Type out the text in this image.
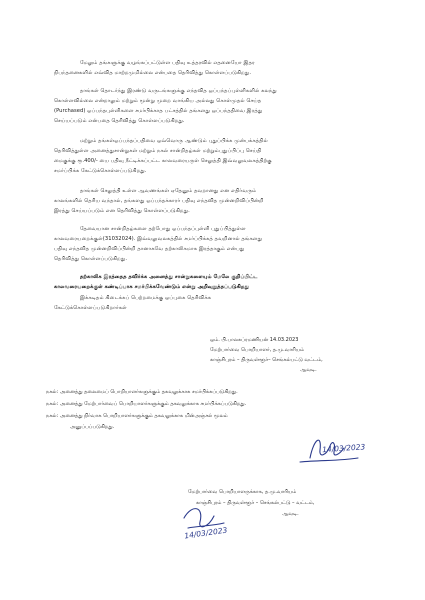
மேலும் தங்களுக்கு வழங்கப்பட்டுள்ள பதிவு உத்தரவில் எதனையோ இதர
நிபந்தனைகளில் எவ்வித மாற்றமுமில்லை என்பதை தெரிவித்து கொள்ளப்படுகிறது.
தாங்கள் தொடர்ந்து இரண்டு வருடங்களுக்கு எந்தவித ஒப்பந்தப்புள்ளிகளில் கலந்து
கொள்ளவில்லை என்றாலும் மற்றும் மூன்று முறை வாங்கிய அல்லது கொள்முதல் செய்த
(Purchased) ஒப்பந்தபுள்ளிகளை சமர்பிக்காத பட்சத்தில் தங்களது ஒப்பந்ததிவை இரத்து
செய்யப்படும் என்பதை தெரிவித்து கொள்ளப்படுகிறது.
மற்றும் தங்கள்ஒப்பந்தப்பதிவை ஒவ்வொரு ஆண்டும் புதுப்பிக்க முன்பக்கத்தில்
தெரிவித்துள்ள அனைத்துசான்றுகள் மற்றும் நகல் சான்றிதழ்கள் மற்றும்புதுப்பிப்பு செய்தி
மைகுக்கு ரூ.400/- யை பதிவு நீட்டிக்கப்பட்ட காலவரையருள் செலுத்தி இவ்வலுவலகத்திற்கு
சமர்ப்பிக்க கேட்டுக்கொள்ளப்படுகிறது.
தாங்கள் செலுத்தி உள்ள ஆவணங்கள் ஏதேனும் தவறானது என எதிர்வரும்
காலங்களில் தெரிய வந்தால், தங்களது ஒப்பந்தக்காரர் பதிவு எந்தவித முன்னறிவிப்பின்றி
இரத்து செய்யப்படும் என தெரிவித்து கொள்ளப்படுகிறது.
தேவையான சான்றிதழ்களை தற்போது ஒப்பந்தப்புள்ளி புதுப்பித்துள்ள
காலவரையறைக்குள்(31032024). இவ்வலுவலகத்தில் சமர்ப்பிக்கத் தவறினால் தங்களது
பதிவு எந்தவித முன்னறிவிப்பின்றி தானாகவே தற்காலிகமாக இரத்தாகும் என்பது
தெரிவித்து கொள்ளப்படுகிறது.
தற்காலிக இரத்தைத தவிர்க்க அனைத்து சான்றுகளையும் மேலே குறிப்பிட்ட
காலவரையறைக்குள் கண்டிப்பாக சமர்பிக்கவேண்டும் என்று அறிவுறுத்தப்படுகிறது
இக்கடிதம் கிடைக்கப் பெற்றமைக்கு ஒப்புகை தெரிவிக்க
கேட்டுக்கொள்ளப்படுகிறார்கள்
ஒம். பி.பாலசுப்ரமணியன் 14.03.2023
மேற்பார்வை பொறியாளர், த.மு.வாரியம்
காஞ்சிபுரம் – திருவள்ளூர்– செங்கல்பட்டு வட்டம்,
ஆவடி.
நகல்: அனைத்து தலைமைப் பொறியாளர்களுக்கும் தகவலுக்காக சமர்பிக்கப்படுகிறது.
நகல்: அனைத்து மேற்பார்வைப் பொறியாளர்களுக்கும் தகவலுக்காக சமர்பிக்கப்படுகிறது.
நகல்: அனைத்து நிர்வாக பொறியாளர்களுக்கும் தகவலுக்காக மின்அஞ்சல் மூலம்
அனுப்பப்படுகிறது.
14/03/2023
மேற்பார்வை பொறியாளருக்காக, த.மு.வாரியம்
காஞ்சிபுரம் – திருவள்ளூர் – செங்கல்பட்டு – வட்டம்,
ஆவடி.
14/03/2023
